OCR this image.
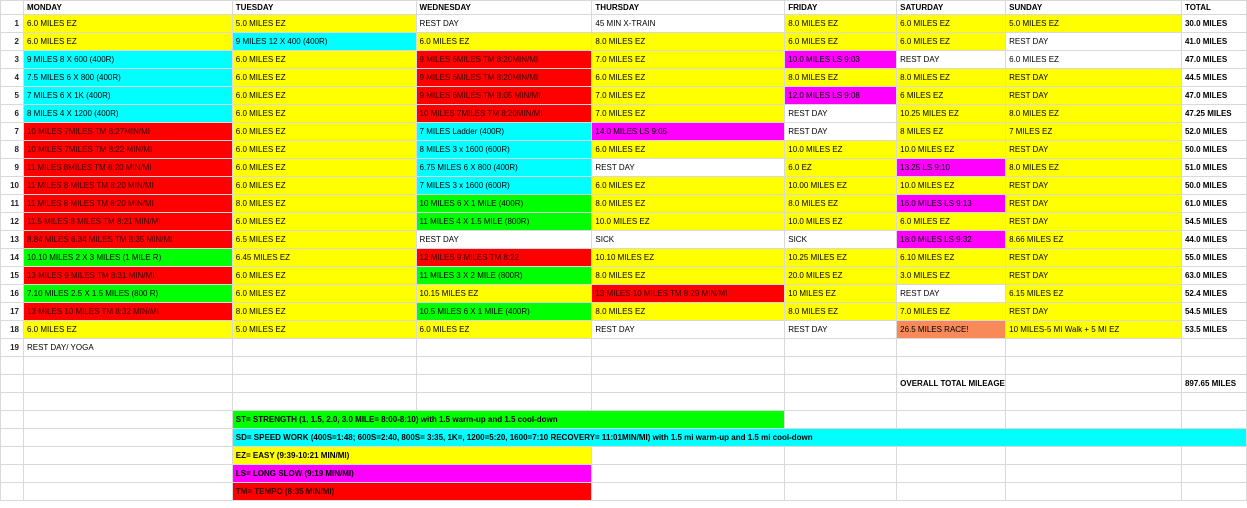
	MONDAY	TUESDAY	WEDNESDAY	THURSDAY	FRIDAY	SATURDAY	SUNDAY	TOTAL
1	6.0 MILES EZ	5.0 MILES EZ	REST DAY	45 MIN X-TRAIN	8.0 MILES EZ	6.0 MILES EZ	5.0 MILES EZ	30.0 MILES
2	6.0 MILES EZ	9 MILES 12 X 400 (400R)	6.0 MILES EZ	8.0 MILES EZ	6.0 MILES EZ	6.0 MILES EZ	REST DAY	41.0 MILES
3	9 MILES 8 X 600 (400R)	6.0 MILES EZ	9 MILES 6MILES TM 8:20MIN/MI	7.0 MILES EZ	10.0 MILES LS 9:03	REST DAY	6.0 MILES EZ	47.0 MILES
4	7.5 MILES 6 X 800 (400R)	6.0 MILES EZ	9 MILES 6MILES TM 8:20MIN/MI	6.0 MILES EZ	8.0 MILES EZ	8.0 MILES EZ	REST DAY	44.5 MILES
5	7 MILES 6 X 1K (400R)	6.0 MILES EZ	9 MILES 6MILES TM 8:05 MIN/MI	7.0 MILES EZ	12.0 MILES LS 9:08	6 MILES EZ	REST DAY	47.0 MILES
6	8 MILES 4 X 1200 (400R)	6.0 MILES EZ	10 MILES 7MILES TM 8:20MIN/MI	7.0 MILES EZ	REST DAY	10.25 MILES EZ	8.0 MILES EZ	47.25 MILES
7	10 MILES 7MILES TM 8:27MIN/MI	6.0 MILES EZ	7 MILES Ladder (400R)	14.0 MILES LS 9:05	REST DAY	8 MILES EZ	7 MILES EZ	52.0 MILES
8	10 MILES 7MILES TM 8:22 MIN/MI	6.0 MILES EZ	8 MILES 3 x 1600 (600R)	6.0 MILES EZ	10.0 MILES EZ	10.0 MILES EZ	REST DAY	50.0 MILES
9	11 MILES 8MILES TM 8:20 MIN/MI	6.0 MILES EZ	6.75 MILES 6 X 800 (400R)	REST DAY	6.0 EZ	13.25 LS 9:10	8.0 MILES EZ	51.0 MILES
10	11 MILES 8 MILES TM 8:20 MIN/MI	6.0 MILES EZ	7 MILES 3 x 1600 (600R)	6.0 MILES EZ	10.00 MILES EZ	10.0 MILES EZ	REST DAY	50.0 MILES
11	11 MILES 8 MILES TM 8:20 MIN/MI	8.0 MILES EZ	10 MILES 6 X 1 MILE (400R)	8.0 MILES EZ	8.0 MILES EZ	16.0 MILES LS 9:13	REST DAY	61.0 MILES
12	11.5 MILES 8 MILES TM 8:21 MIN/MI	6.0 MILES EZ	11 MILES 4 X 1.5 MILE (800R)	10.0 MILES EZ	10.0 MILES EZ	6.0 MILES EZ	REST DAY	54.5 MILES
13	8.84 MILES 6.34 MILES TM 8:35 MIN/MI	6.5 MILES EZ	REST DAY	SICK	SICK	18.0 MILES LS 9:32	8.66 MILES EZ	44.0 MILES
14	10.10 MILES 2 X 3 MILES (1 MILE R)	6.45 MILES EZ	12 MILES 9 MILES TM 8:22	10.10 MILES EZ	10.25 MILES EZ	6.10 MILES EZ	REST DAY	55.0 MILES
15	13 MILES 9 MILES TM 8:31 MIN/MI	6.0 MILES EZ	11 MILES 3 X 2 MILE (800R)	8.0 MILES EZ	20.0 MILES EZ	3.0 MILES EZ	REST DAY	63.0 MILES
16	7.10 MILES 2.5 X 1.5 MILES (800 R)	6.0 MILES EZ	10.15 MILES EZ	13 MILES 10 MILES TM 8:29 MIN/MI	10 MILES EZ	REST DAY	6.15 MILES EZ	52.4 MILES
17	13 MILES 10 MILES TM 8:32 MIN/MI	8.0 MILES EZ	10.5 MILES 6 X 1 MILE (400R)	8.0 MILES EZ	8.0 MILES EZ	7.0 MILES EZ	REST DAY	54.5 MILES
18	6.0 MILES EZ	5.0 MILES EZ	6.0 MILES EZ	REST DAY	REST DAY	26.5 MILES RACE!	10 MILES-5 MI Walk + 5 MI EZ	53.5 MILES
19	REST DAY/ YOGA							

						OVERALL TOTAL MILEAGE		897.65 MILES

		ST= STRENGTH (1, 1.5, 2.0, 3.0 MILE= 8:00-8:10) with 1.5 warm-up and 1.5 cool-down						
		SD= SPEED WORK (400S=1:48; 600S=2:40, 800S= 3:35, 1K=, 1200=5:20, 1600=7:10 RECOVERY= 11:01MIN/MI) with 1.5 mi warm-up and 1.5 mi cool-down						
		EZ= EASY (9:39-10:21 MIN/MI)						
		LS= LONG SLOW (9:19 MIN/MI)						
		TM= TEMPO (8:35 MIN/MI)						
